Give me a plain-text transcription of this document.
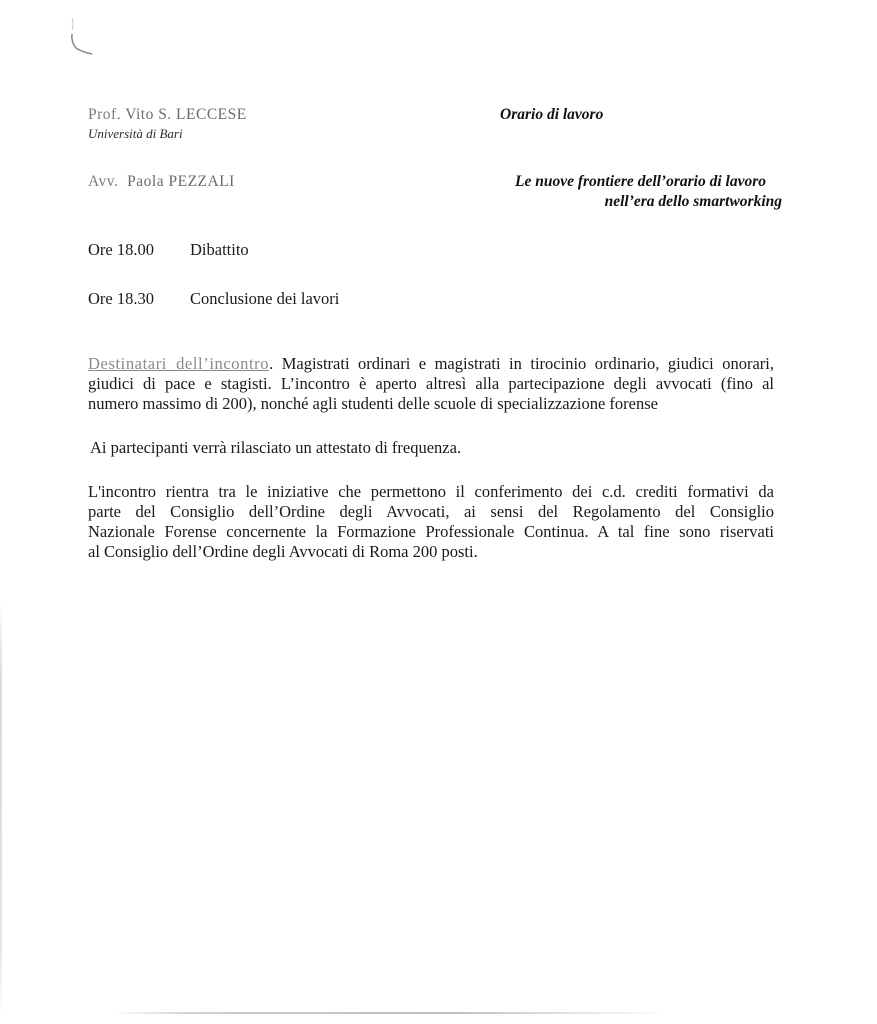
Prof. Vito S. LECCESE
Università di Bari
Orario di lavoro
Avv. Paola PEZZALI	Le nuove frontiere dell’orario di lavoro
nell’era dello smartworking
Ore 18.00 Dibattito
Ore 18.30 Conclusione dei lavori
Destinatari dell’incontro. Magistrati ordinari e magistrati in tirocinio ordinario, giudici onorari,
giudici di pace e stagisti. L’incontro è aperto altresì alla partecipazione degli avvocati (fino al
numero massimo di 200), nonché agli studenti delle scuole di specializzazione forense
Ai partecipanti verrà rilasciato un attestato di frequenza.
L'incontro rientra tra le iniziative che permettono il conferimento dei c.d. crediti formativi da
parte del Consiglio dell’Ordine degli Avvocati, ai sensi del Regolamento del Consiglio
Nazionale Forense concernente la Formazione Professionale Continua. A tal fine sono riservati
al Consiglio dell’Ordine degli Avvocati di Roma 200 posti.
